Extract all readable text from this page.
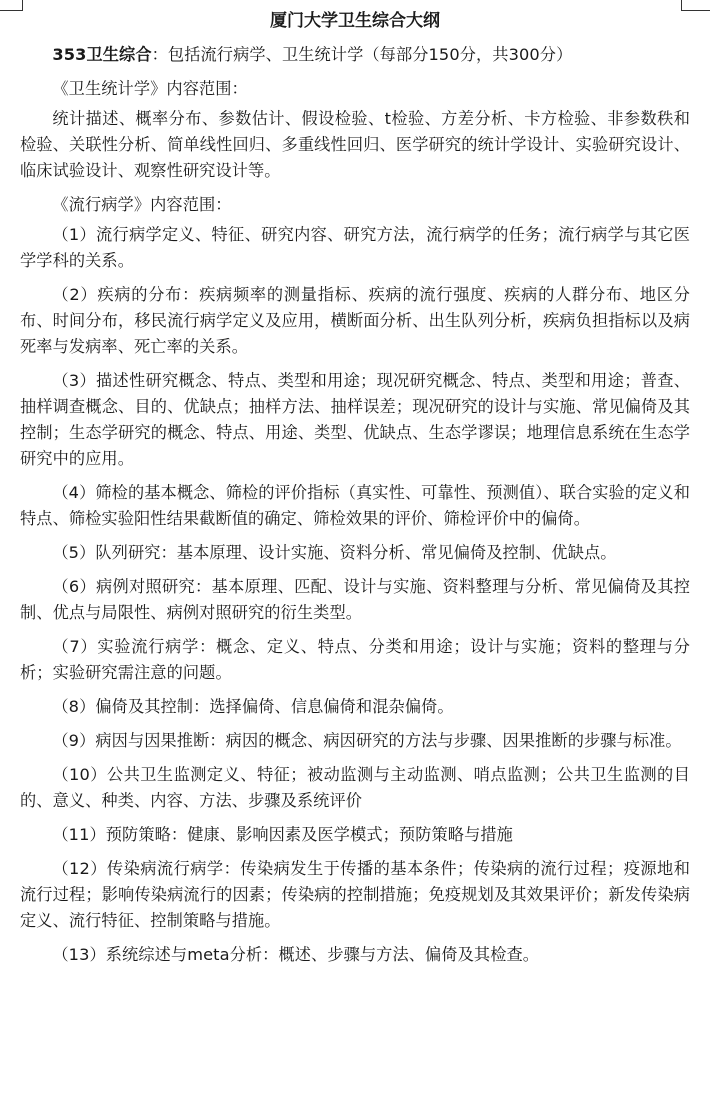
厦门大学卫生综合大纲

353卫生综合：包括流行病学、卫生统计学（每部分150分，共300分）

《卫生统计学》内容范围：

统计描述、概率分布、参数估计、假设检验、t检验、方差分析、卡方检验、非参数秩和检验、关联性分析、简单线性回归、多重线性回归、医学研究的统计学设计、实验研究设计、临床试验设计、观察性研究设计等。

《流行病学》内容范围：

（1）流行病学定义、特征、研究内容、研究方法，流行病学的任务；流行病学与其它医学学科的关系。

（2）疾病的分布：疾病频率的测量指标、疾病的流行强度、疾病的人群分布、地区分布、时间分布，移民流行病学定义及应用，横断面分析、出生队列分析，疾病负担指标以及病死率与发病率、死亡率的关系。

（3）描述性研究概念、特点、类型和用途；现况研究概念、特点、类型和用途；普查、抽样调查概念、目的、优缺点；抽样方法、抽样误差；现况研究的设计与实施、常见偏倚及其控制；生态学研究的概念、特点、用途、类型、优缺点、生态学谬误；地理信息系统在生态学研究中的应用。

（4）筛检的基本概念、筛检的评价指标（真实性、可靠性、预测值）、联合实验的定义和特点、筛检实验阳性结果截断值的确定、筛检效果的评价、筛检评价中的偏倚。

（5）队列研究：基本原理、设计实施、资料分析、常见偏倚及控制、优缺点。

（6）病例对照研究：基本原理、匹配、设计与实施、资料整理与分析、常见偏倚及其控制、优点与局限性、病例对照研究的衍生类型。

（7）实验流行病学：概念、定义、特点、分类和用途；设计与实施；资料的整理与分析；实验研究需注意的问题。

（8）偏倚及其控制：选择偏倚、信息偏倚和混杂偏倚。

（9）病因与因果推断：病因的概念、病因研究的方法与步骤、因果推断的步骤与标准。

（10）公共卫生监测定义、特征；被动监测与主动监测、哨点监测；公共卫生监测的目的、意义、种类、内容、方法、步骤及系统评价

（11）预防策略：健康、影响因素及医学模式；预防策略与措施

（12）传染病流行病学：传染病发生于传播的基本条件；传染病的流行过程；疫源地和流行过程；影响传染病流行的因素；传染病的控制措施；免疫规划及其效果评价；新发传染病定义、流行特征、控制策略与措施。

（13）系统综述与meta分析：概述、步骤与方法、偏倚及其检查。
